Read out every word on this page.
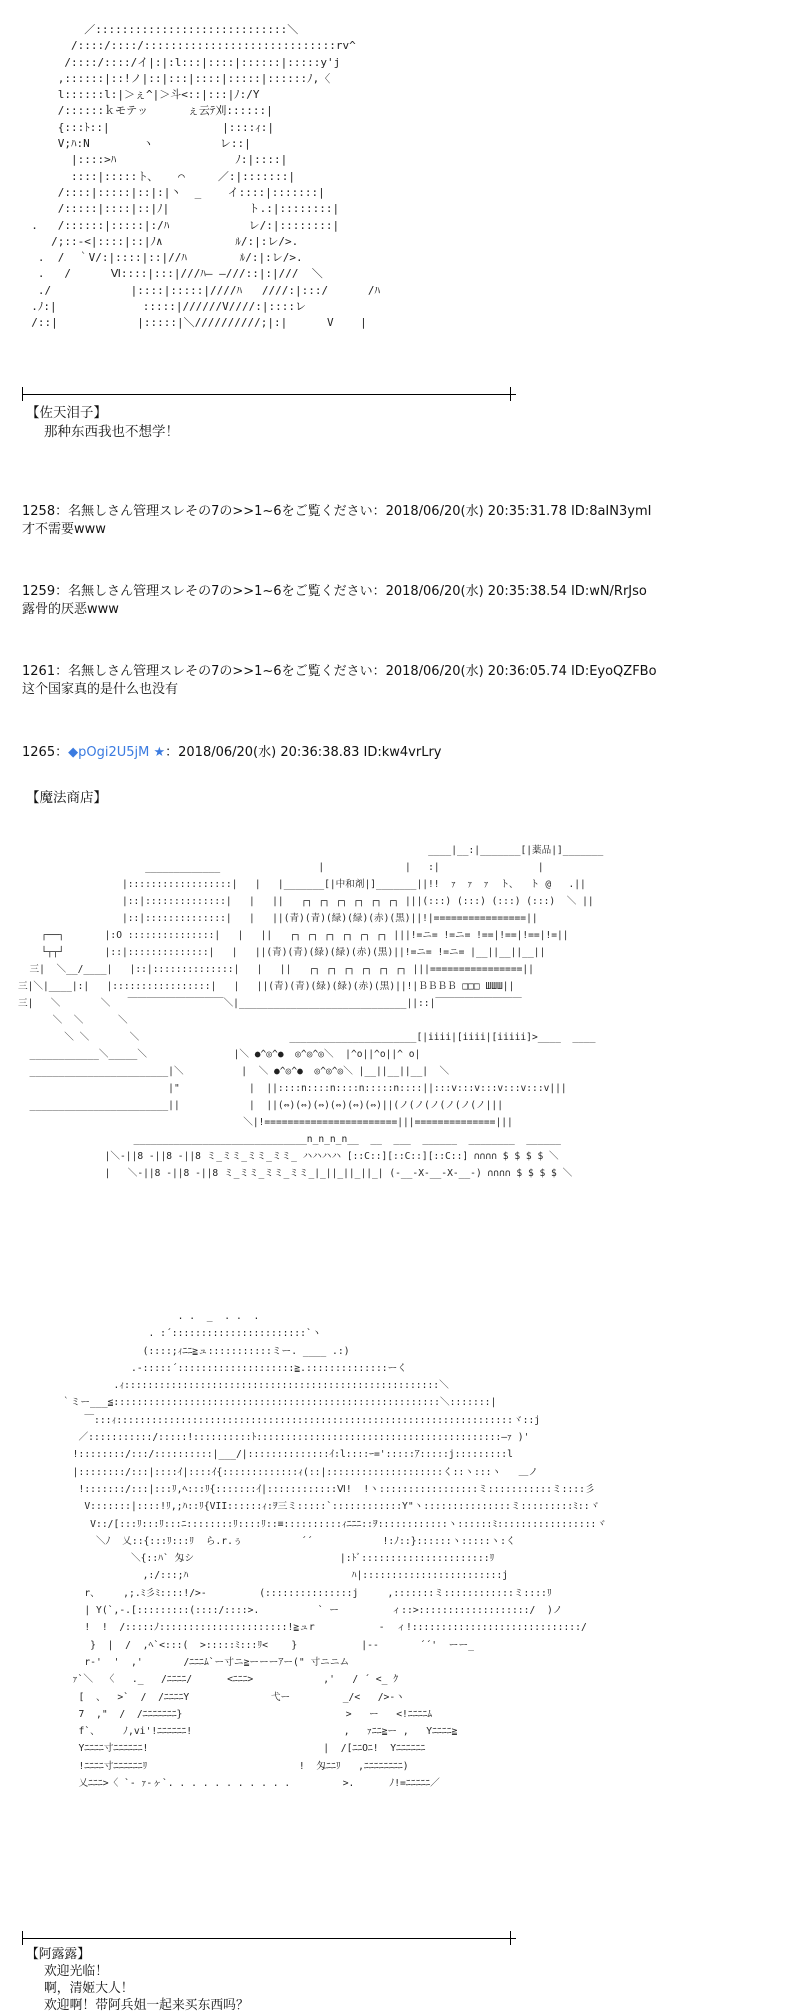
／:::::::::::::::::::::::::::::＼
/::::/::::/:::::::::::::::::::::::::::::rv^
/::::/::::/イ|:|:l:::|::::|::::::|:::::y'j
,::::::|::!ノ|::|:::|::::|:::::|::::::ﾉ,〈
l::::::l:|＞ぇ^|＞斗<::|:::|ﾉ:/Y
/::::::ｋモテッ      ぇ云ﾃ刈::::::|
{:::ﾄ::|                 |::::ｨ:|
V;ﾊ:N        ヽ          レ::|
|::::>ﾊ                  ﾉ:|::::|
::::|:::::ト、   ⌒     ／:|:::::::|
/::::|:::::|::|:|丶  _    イ::::|:::::::|
/:::::|::::|::|ﾉ|            ト.:|::::::::|
.   /::::::|:::::|:/ﾊ            レ/:|::::::::|
/;::-<|::::|::|ﾉ∧           ﾙ/:|:レ/>.
.  /  ｀V/:|::::|::|//ﾊ        ﾙ/:|:レ/>.
.   /      Ⅵ::::|:::|///ﾊ― ―///::|:|///  ＼
./            |::::|:::::|////ﾊ   ////:|:::/      /ﾊ
.ﾉ:|             :::::|//////V////:|::::レ
/::|            |:::::|＼//////////;|:|      V    |
【佐天泪子】
那种东西我也不想学！
1258：名無しさん管理スレその7の>>1~6をご覧ください：2018/06/20(水) 20:35:31.78 ID:8aIN3ymI
才不需要www
1259：名無しさん管理スレその7の>>1~6をご覧ください：2018/06/20(水) 20:35:38.54 ID:wN/RrJso
露骨的厌恶www
1261：名無しさん管理スレその7の>>1~6をご覧ください：2018/06/20(水) 20:36:05.74 ID:EyoQZFBo
这个国家真的是什么也没有
1265：◆pOgi2U5jM ★：2018/06/20(水) 20:36:38.83 ID:kw4vrLry
【魔法商店】
____|__:|_______[|薬品|]_______
_____________                 |              |   :|                 |
|::::::::::::::::::|   |   |_______[|中和剤|]_______||!!  ｧ  ｧ  ｧ  ト、  ト @   .||
|::|::::::::::::::|   |   ||   ┌┐ ┌┐ ┌┐ ┌┐ ┌┐ ┌┐ |||(:::) (:::) (:::) (:::)  ＼ ||
|::|::::::::::::::|   |   ||(青)(青)(緑)(緑)(赤)(黒)||!|================||
┌──┐       |:O :::::::::::::::|   |   ||   ┌┐ ┌┐ ┌┐ ┌┐ ┌┐ ┌┐ |||!=ニ= !=ニ= !==|!==|!==|!=||
└┬┬┘       |::|::::::::::::::|   |   ||(青)(青)(緑)(緑)(赤)(黒)||!=ニ= !=ニ= |__||__||__||
三|  ＼__/____|   |::|::::::::::::::|   |   ||   ┌┐ ┌┐ ┌┐ ┌┐ ┌┐ ┌┐ |||================||
三|＼|____|:|   |:::::::::::::::::|   |   ||(青)(青)(緑)(緑)(赤)(黒)||!|ＢＢＢＢ □□□ ШШШ||
三|   ＼       ＼   ￣￣￣￣￣￣￣￣￣￣＼|_____________________________||::|￣￣￣￣￣￣￣￣￣
＼  ＼      ＼
＼ ＼       ＼                          ______________________[|iiii|[iiii|[iiiii]>____  ____
____________＼_____＼               |＼ ●^◎^●  ◎^◎^◎＼  |^o||^o||^ o|
________________________|＼          |  ＼ ●^◎^●  ◎^◎^◎＼ |__||__||__|  ＼
|"            |  ||::::n::::n::::n:::::n::::||:::v:::v:::v:::v:::v|||
________________________||            |  ||(⇔)(⇔)(⇔)(⇔)(⇔)(⇔)||(ノ(ノ(ノ(ノ(ノ(ノ|||
＼|!=======================|||==============|||
______________________________n_n_n_n__  __  ___  ______  ________  ______
|＼-||8 -||8 -||8 ミ_ミミ_ミミ_ミミ_ ハハハハ [::C::][::C::][::C::] ∩∩∩∩ $ $ $ $ ＼
|   ＼-||8 -||8 -||8 ミ_ミミ_ミミ_ミミ_|_||_||_||_| (-__-X-__-X-__-) ∩∩∩∩ $ $ $ $ ＼
. .  _  . .  .
. :´:::::::::::::::::::::::`ヽ
(::::;ｨﾆﾆ≧ュ:::::::::::ミー. ____ .:)
.-:::::´::::::::::::::::::::≧.::::::::::::::ーく
.ｨ::::::::::::::::::::::::::::::::::::::::::::::::::::::＼
｀ミー___≦::::::::::::::::::::::::::::::::::::::::::::::::::::::::＼:::::::|
￣:::ｨ::::::::::::::::::::::::::::::::::::::::::::::::::::::::::::::::::::ヾ::j
／:::::::::::/:::::!::::::::::ﾄ::::::::::::::::::::::::::::::::::::::::::―ｧ )'
!::::::::/:::/::::::::::|___/|::::::::::::::ｲ:l::::ｰ=':::::ｱ:::::j:::::::::l
|::::::::/:::|::::ｲ|::::ｲ{:::::::::::::ｨ(::|::::::::::::::::::::く::ヽ:::ヽ   ＿ノ
!:::::::/:::|:::ﾘ,ﾍ:::ﾘ{:::::::ｲ|::::::::::::Ⅵ!  !ヽ:::::::::::::::::ミ:::::::::::ミ::::彡
V:::::::|::::!ﾘ,;ﾊ::ﾘ{VII::::::ｨ:ｦ三ミ:::::`::::::::::::Y"ヽ:::::::::::::::ミ:::::::::ﾐ::ヾ
V::/[:::ﾘ:::ﾘ:::ﾆ::::::::ﾘ::::ﾘ::≡::::::::::ｨﾆﾆﾆ::ｦ::::::::::::ヽ::::::ﾐ:::::::::::::::::ヾ
＼ﾉ  乂::{:::ﾘ:::ﾘ  ら.r.ぅ          ´´            !:ﾉ::}::::::ヽ:::::ヽ:く
＼{::ﾊ` 匁シ                         |:ﾄﾞ::::::::::::::::::::::ﾘ
,:/:::;ﾊ                            ﾊ|::::::::::::::::::::::::j
r、    ,;.ﾐ彡ﾐ::::!/>-         (:::::::::::::::j     ,:::::::ミ::::::::::::ミ::::ﾘ
| Y(`,-.[:::::::::(::::/::::>.          ` ー         ィ::>:::::::::::::::::::/  )ノ
!  !  /:::::ﾉ::::::::::::::::::::::!≧ュr           -  ィ!:::::::::::::::::::::::::::::/
}  |  /  ,ﾍ`<:::(  >:::::ﾐ:::ﾘ<    }           |--       ´´'  ーー_
r‐'  '  ,'       /ﾆﾆﾆﾑ`ー寸ニ≧ーーーｱー(" 寸ニニム
ｧ`＼  〈   ._   /ﾆﾆﾆﾆ/      <ﾆﾆﾆ>            ,'   / ´ <_ ｸ
[  、  >`  /  /ﾆﾆﾆﾆY              弋ー         _/<   />‐ヽ
7  ,"  /  /ﾆﾆﾆﾆﾆﾆﾆ}                            >   ー   <!ﾆﾆﾆﾆﾑ
f`、    ﾉ,vi'!ﾆﾆﾆﾆﾆﾆ!                          ,   ｧﾆﾆ≧ー ,   Yﾆﾆﾆﾆ≧
Yﾆﾆﾆﾆ寸ﾆﾆﾆﾆﾆﾆ!                              |  /[ﾆﾆOﾆ!  Yﾆﾆﾆﾆﾆﾆ
!ﾆﾆﾆﾆ寸ﾆﾆﾆﾆﾆﾆﾘ                          !  匁ﾆﾆﾘ   ,ﾆﾆﾆﾆﾆﾆﾆﾆ)
乂ﾆﾆﾆ>〈 `‐ ｧ-ヶ`. . . . . . . . . . .         >.      ﾉ!=ﾆﾆﾆﾆﾆ／
【阿露露】
欢迎光临！
啊，清姬大人！
欢迎啊！带阿兵姐一起来买东西吗？
